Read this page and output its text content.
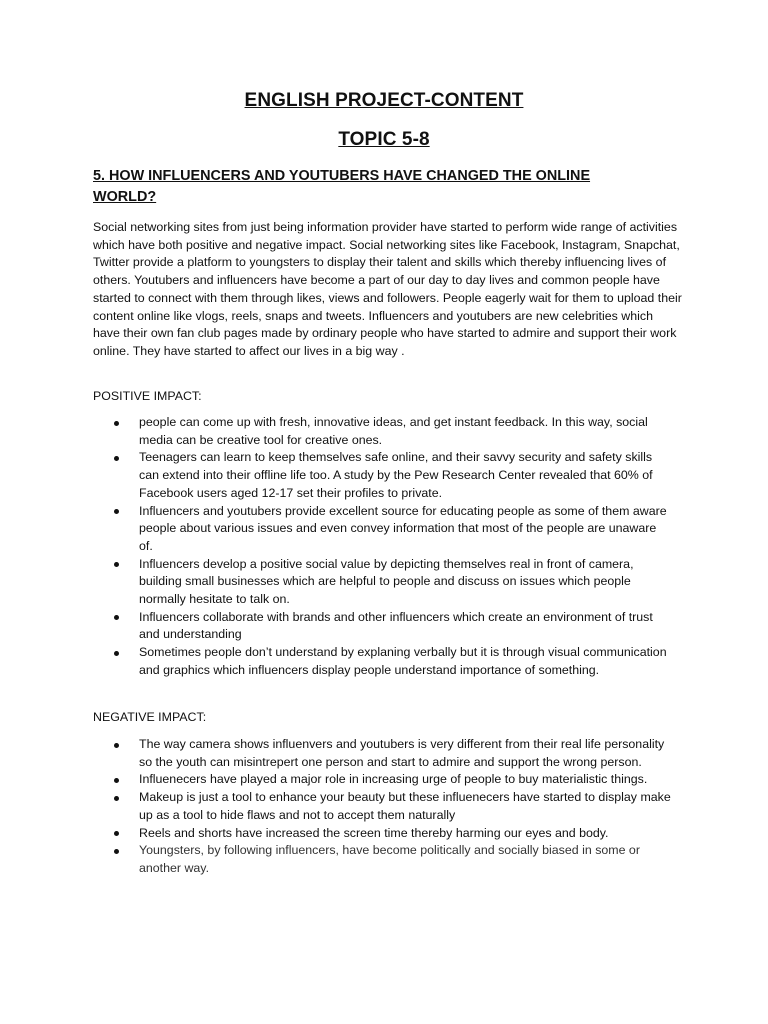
ENGLISH PROJECT-CONTENT
TOPIC 5-8
5. HOW INFLUENCERS AND YOUTUBERS HAVE CHANGED THE ONLINE WORLD?

Social networking sites from just being information provider have started to perform wide range of activities which have both positive and negative impact. Social networking sites like Facebook, Instagram, Snapchat, Twitter provide a platform to youngsters to display their talent and skills which thereby influencing lives of others. Youtubers and influencers have become a part of our day to day lives and common people have started to connect with them through likes, views and followers. People eagerly wait for them to upload their content online like vlogs, reels, snaps and tweets. Influencers and youtubers are new celebrities which have their own fan club pages made by ordinary people who have started to admire and support their work online. They have started to affect our lives in a big way .

POSITIVE IMPACT:

people can come up with fresh, innovative ideas, and get instant feedback. In this way, social media can be creative tool for creative ones.
Teenagers can learn to keep themselves safe online, and their savvy security and safety skills can extend into their offline life too. A study by the Pew Research Center revealed that 60% of Facebook users aged 12-17 set their profiles to private.
Influencers and youtubers provide excellent source for educating people as some of them aware people about various issues and even convey information that most of the people are unaware of.
Influencers develop a positive social value by depicting themselves real in front of camera, building small businesses which are helpful to people and discuss on issues which people normally hesitate to talk on.
Influencers collaborate with brands and other influencers which create an environment of trust and understanding
Sometimes people don’t understand by explaning verbally but it is through visual communication and graphics which influencers display people understand importance of something.

NEGATIVE IMPACT:

The way camera shows influenvers and youtubers is very different from their real life personality so the youth can misintrepert one person and start to admire and support the wrong person.
Influenecers have played a major role in increasing urge of people to buy materialistic things.
Makeup is just a tool to enhance your beauty but these influenecers have started to display make up as a tool to hide flaws and not to accept them naturally
Reels and shorts have increased the screen time thereby harming our eyes and body.
Youngsters, by following influencers, have become politically and socially biased in some or another way.
